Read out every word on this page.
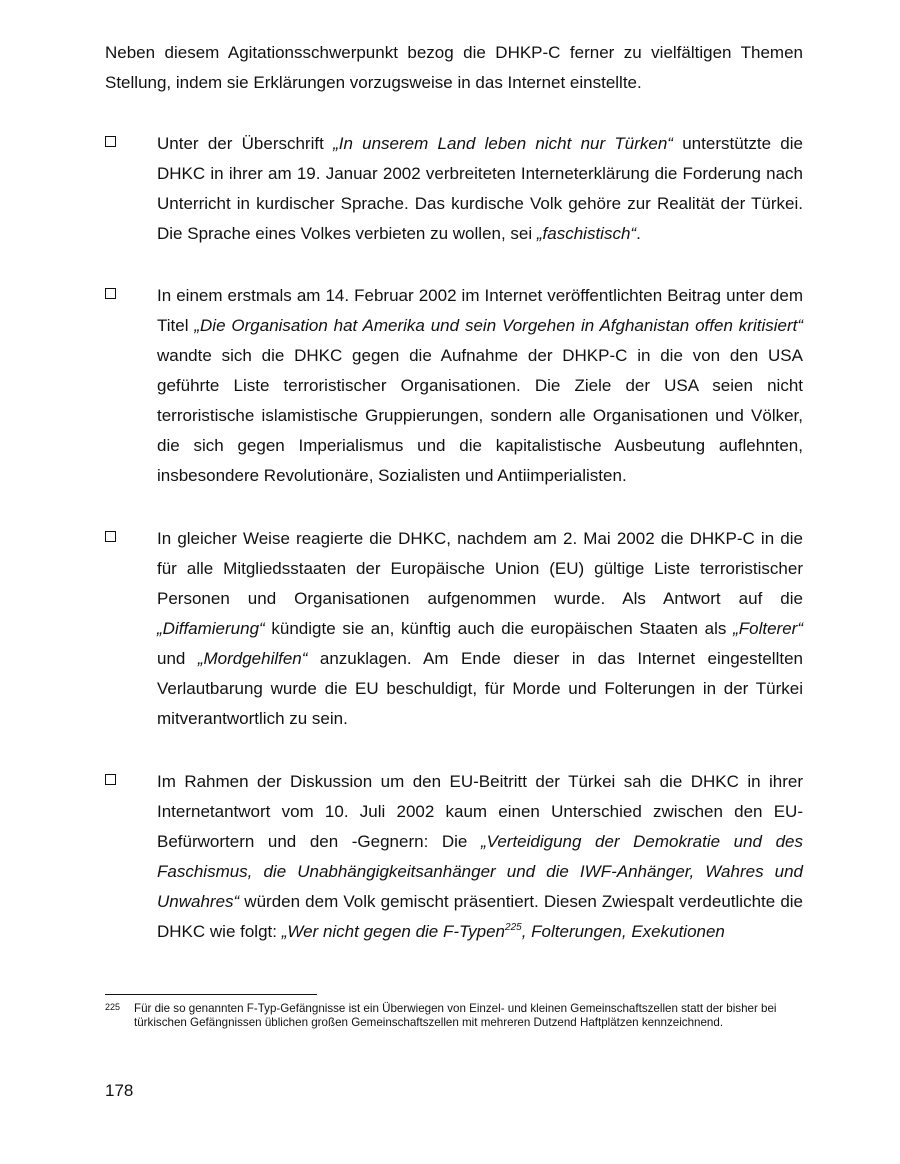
Neben diesem Agitationsschwerpunkt bezog die DHKP-C ferner zu vielfältigen Themen Stellung, indem sie Erklärungen vorzugsweise in das Internet einstellte.
Unter der Überschrift „In unserem Land leben nicht nur Türken“ unterstützte die DHKC in ihrer am 19. Januar 2002 verbreiteten Interneterklärung die Forderung nach Unterricht in kurdischer Sprache. Das kurdische Volk gehöre zur Realität der Türkei. Die Sprache eines Volkes verbieten zu wollen, sei „faschistisch“.
In einem erstmals am 14. Februar 2002 im Internet veröffentlichten Beitrag unter dem Titel „Die Organisation hat Amerika und sein Vorgehen in Afghanistan offen kritisiert“ wandte sich die DHKC gegen die Aufnahme der DHKP-C in die von den USA geführte Liste terroristischer Organisationen. Die Ziele der USA seien nicht terroristische islamistische Gruppierungen, sondern alle Organisationen und Völker, die sich gegen Imperialismus und die kapitalistische Ausbeutung auflehnten, insbesondere Revolutionäre, Sozialisten und Antiimperialisten.
In gleicher Weise reagierte die DHKC, nachdem am 2. Mai 2002 die DHKP-C in die für alle Mitgliedsstaaten der Europäische Union (EU) gültige Liste terroristischer Personen und Organisationen aufgenommen wurde. Als Antwort auf die „Diffamierung“ kündigte sie an, künftig auch die europäischen Staaten als „Folterer“ und „Mordgehilfen“ anzuklagen. Am Ende dieser in das Internet eingestellten Verlautbarung wurde die EU beschuldigt, für Morde und Folterungen in der Türkei mitverantwortlich zu sein.
Im Rahmen der Diskussion um den EU-Beitritt der Türkei sah die DHKC in ihrer Internetantwort vom 10. Juli 2002 kaum einen Unterschied zwischen den EU-Befürwortern und den -Gegnern: Die „Verteidigung der Demokratie und des Faschismus, die Unabhängigkeitsanhänger und die IWF-Anhänger, Wahres und Unwahres“ würden dem Volk gemischt präsentiert. Diesen Zwiespalt verdeutlichte die DHKC wie folgt: „Wer nicht gegen die F-Typen$^{225}$, Folterungen, Exekutionen
225 Für die so genannten F-Typ-Gefängnisse ist ein Überwiegen von Einzel- und kleinen Gemeinschaftszellen statt der bisher bei türkischen Gefängnissen üblichen großen Gemeinschaftszellen mit mehreren Dutzend Haftplätzen kennzeichnend.
178
